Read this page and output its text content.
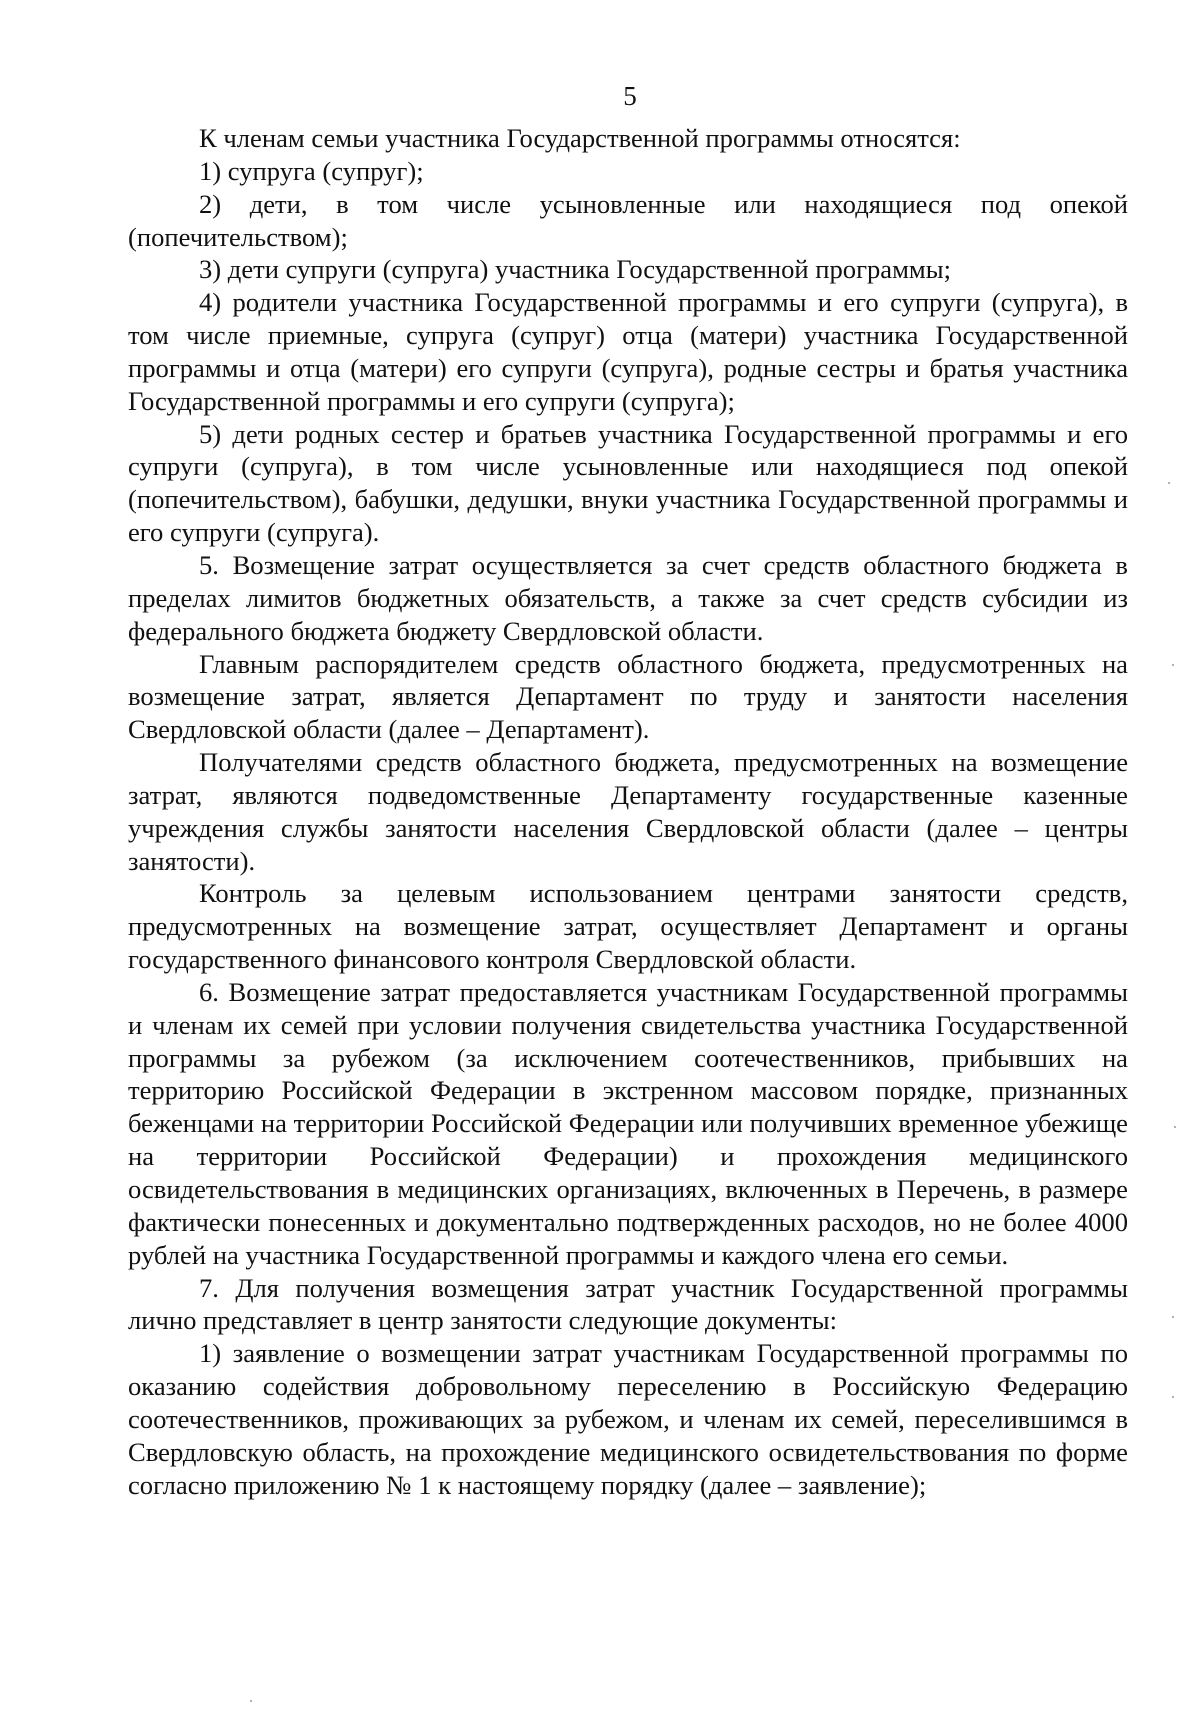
5

К членам семьи участника Государственной программы относятся:

1) супруга (супруг);

2) дети, в том числе усыновленные или находящиеся под опекой (попечительством);

3) дети супруги (супруга) участника Государственной программы;

4) родители участника Государственной программы и его супруги (супруга), в том числе приемные, супруга (супруг) отца (матери) участника Государственной программы и отца (матери) его супруги (супруга), родные сестры и братья участника Государственной программы и его супруги (супруга);

5) дети родных сестер и братьев участника Государственной программы и его супруги (супруга), в том числе усыновленные или находящиеся под опекой (попечительством), бабушки, дедушки, внуки участника Государственной программы и его супруги (супруга).

5. Возмещение затрат осуществляется за счет средств областного бюджета в пределах лимитов бюджетных обязательств, а также за счет средств субсидии из федерального бюджета бюджету Свердловской области.

Главным распорядителем средств областного бюджета, предусмотренных на возмещение затрат, является Департамент по труду и занятости населения Свердловской области (далее – Департамент).

Получателями средств областного бюджета, предусмотренных на возмещение затрат, являются подведомственные Департаменту государственные казенные учреждения службы занятости населения Свердловской области (далее – центры занятости).

Контроль за целевым использованием центрами занятости средств, предусмотренных на возмещение затрат, осуществляет Департамент и органы государственного финансового контроля Свердловской области.

6. Возмещение затрат предоставляется участникам Государственной программы и членам их семей при условии получения свидетельства участника Государственной программы за рубежом (за исключением соотечественников, прибывших на территорию Российской Федерации в экстренном массовом порядке, признанных беженцами на территории Российской Федерации или получивших временное убежище на территории Российской Федерации) и прохождения медицинского освидетельствования в медицинских организациях, включенных в Перечень, в размере фактически понесенных и документально подтвержденных расходов, но не более 4000 рублей на участника Государственной программы и каждого члена его семьи.

7. Для получения возмещения затрат участник Государственной программы лично представляет в центр занятости следующие документы:

1) заявление о возмещении затрат участникам Государственной программы по оказанию содействия добровольному переселению в Российскую Федерацию соотечественников, проживающих за рубежом, и членам их семей, переселившимся в Свердловскую область, на прохождение медицинского освидетельствования по форме согласно приложению № 1 к настоящему порядку (далее – заявление);
